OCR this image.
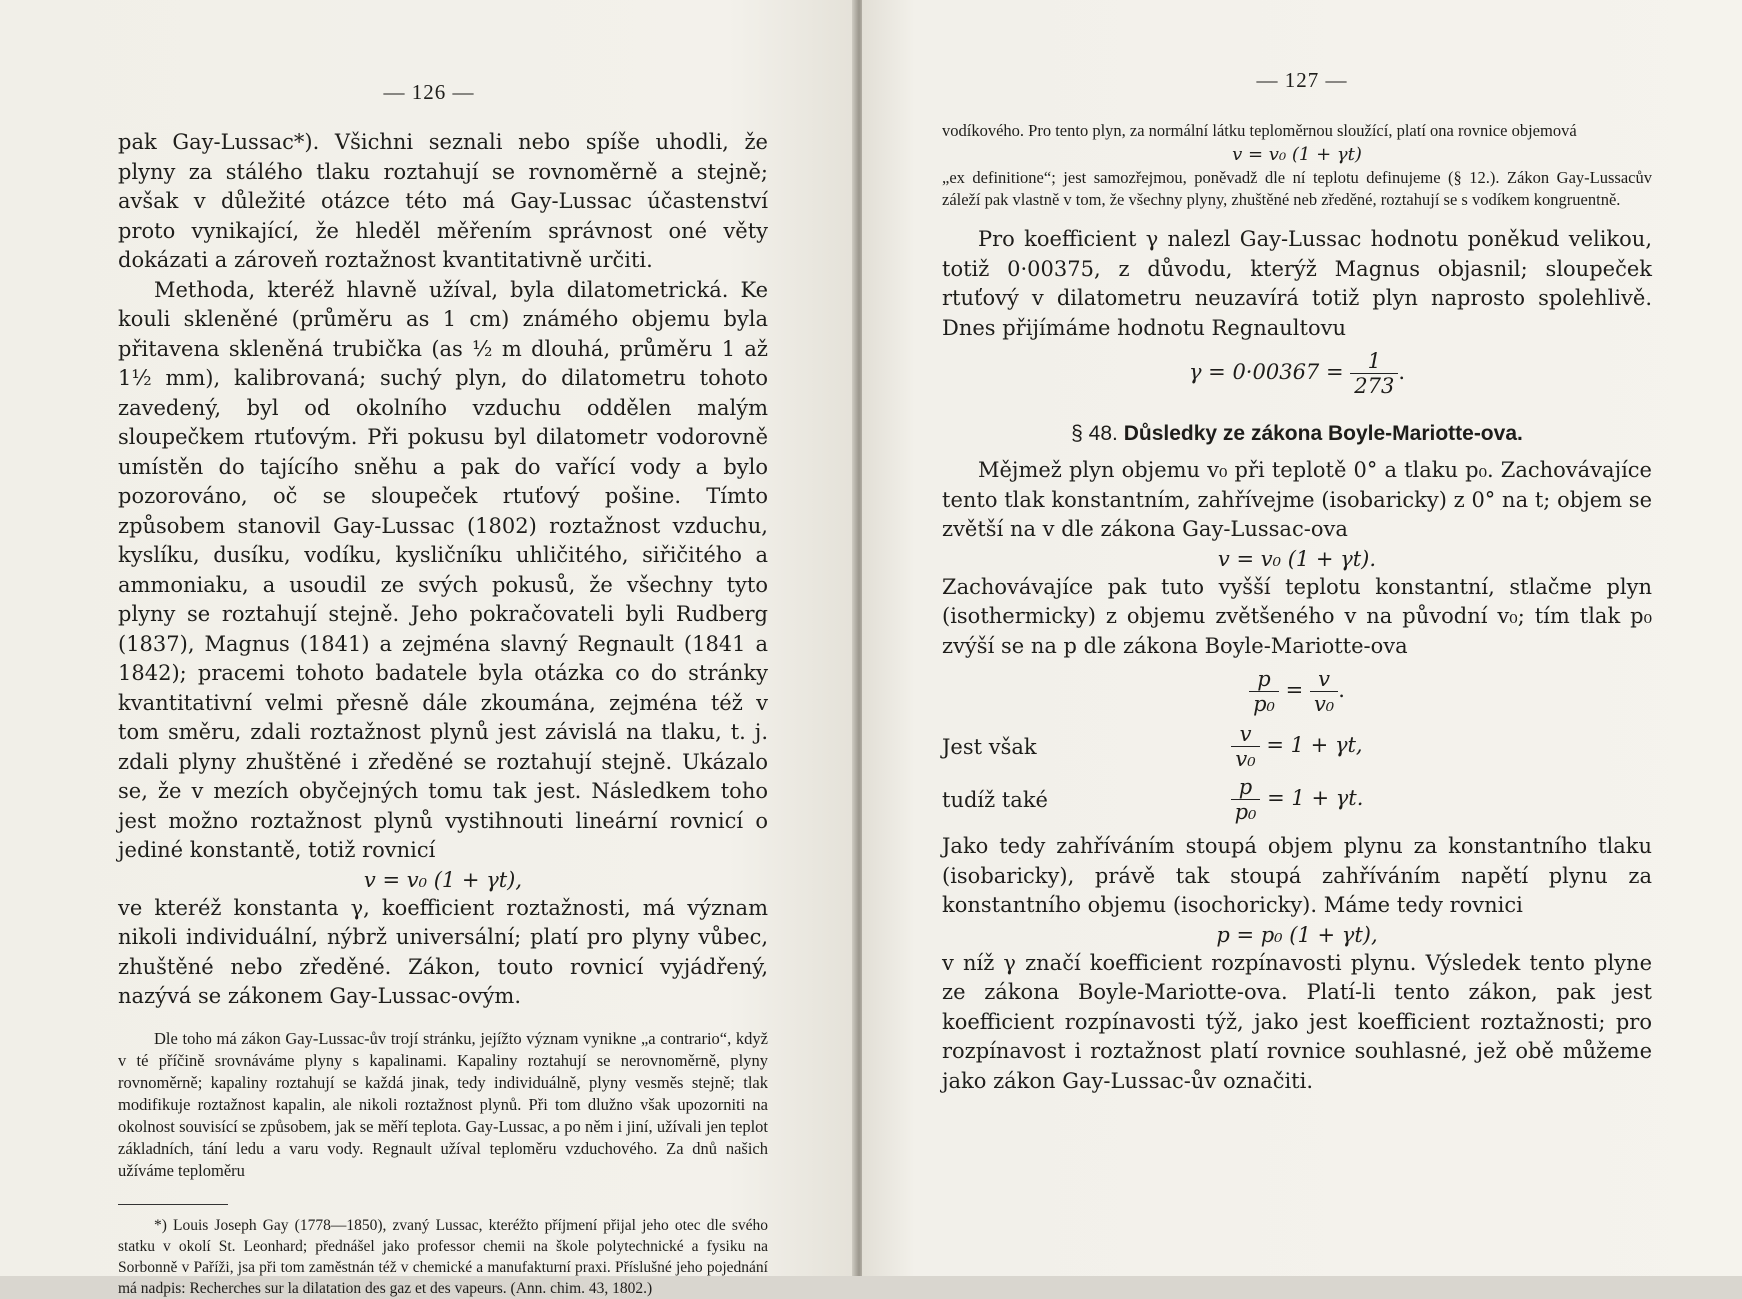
— 126 —

pak Gay-Lussac*). Všichni seznali nebo spíše uhodli, že plyny za stálého tlaku roztahují se rovnoměrně a stejně; avšak v důležité otázce této má Gay-Lussac účastenství proto vynikající, že hleděl měřením správnost oné věty dokázati a zároveň roztažnost kvantitativně určiti.

Methoda, kteréž hlavně užíval, byla dilatometrická. Ke kouli skleněné (průměru as 1 cm) známého objemu byla přitavena skleněná trubička (as ½ m dlouhá, průměru 1 až 1½ mm), kalibrovaná; suchý plyn, do dilatometru tohoto zavedený, byl od okolního vzduchu oddělen malým sloupečkem rtuťovým. Při pokusu byl dilatometr vodorovně umístěn do tajícího sněhu a pak do vařící vody a bylo pozorováno, oč se sloupeček rtuťový pošine. Tímto způsobem stanovil Gay-Lussac (1802) roztažnost vzduchu, kyslíku, dusíku, vodíku, kysličníku uhličitého, siřičitého a ammoniaku, a usoudil ze svých pokusů, že všechny tyto plyny se roztahují stejně. Jeho pokračovateli byli Rudberg (1837), Magnus (1841) a zejména slavný Regnault (1841 a 1842); pracemi tohoto badatele byla otázka co do stránky kvantitativní velmi přesně dále zkoumána, zejména též v tom směru, zdali roztažnost plynů jest závislá na tlaku, t. j. zdali plyny zhuštěné i zředěné se roztahují stejně. Ukázalo se, že v mezích obyčejných tomu tak jest. Následkem toho jest možno roztažnost plynů vystihnouti lineární rovnicí o jediné konstantě, totiž rovnicí

v = v₀ (1 + γt),

ve kteréž konstanta γ, koefficient roztažnosti, má význam nikoli individuální, nýbrž universální; platí pro plyny vůbec, zhuštěné nebo zředěné. Zákon, touto rovnicí vyjádřený, nazývá se zákonem Gay-Lussac-ovým.

Dle toho má zákon Gay-Lussac-ův trojí stránku, jejížto význam vynikne „a contrario“, když v té příčině srovnáváme plyny s kapalinami. Kapaliny roztahují se nerovnoměrně, plyny rovnoměrně; kapaliny roztahují se každá jinak, tedy individuálně, plyny vesměs stejně; tlak modifikuje roztažnost kapalin, ale nikoli roztažnost plynů. Při tom dlužno však upozorniti na okolnost souvisící se způsobem, jak se měří teplota. Gay-Lussac, a po něm i jiní, užívali jen teplot základních, tání ledu a varu vody. Regnault užíval teploměru vzduchového. Za dnů našich užíváme teploměru

*) Louis Joseph Gay (1778—1850), zvaný Lussac, kteréžto příjmení přijal jeho otec dle svého statku v okolí St. Leonhard; přednášel jako professor chemii na škole polytechnické a fysiku na Sorbonně v Paříži, jsa při tom zaměstnán též v chemické a manufakturní praxi. Příslušné jeho pojednání má nadpis: Recherches sur la dilatation des gaz et des vapeurs. (Ann. chim. 43, 1802.)

— 127 —

vodíkového. Pro tento plyn, za normální látku teploměrnou sloužící, platí ona rovnice objemová

v = v₀ (1 + γt)

„ex definitione“; jest samozřejmou, poněvadž dle ní teplotu definujeme (§ 12.). Zákon Gay-Lussacův záleží pak vlastně v tom, že všechny plyny, zhuštěné neb zředěné, roztahují se s vodíkem kongruentně.

Pro koefficient γ nalezl Gay-Lussac hodnotu poněkud velikou, totiž 0·00375, z důvodu, kterýž Magnus objasnil; sloupeček rtuťový v dilatometru neuzavírá totiž plyn naprosto spolehlivě. Dnes přijímáme hodnotu Regnaultovu

$\gamma = 0\cdot 00367 = \frac{1}{273}$ .
§ 48. Důsledky ze zákona Boyle-Mariotte-ova.

Mějmež plyn objemu v₀ při teplotě 0° a tlaku p₀. Zachovávajíce tento tlak konstantním, zahřívejme (isobaricky) z 0° na t; objem se zvětší na v dle zákona Gay-Lussac-ova

v = v₀ (1 + γt).

Zachovávajíce pak tuto vyšší teplotu konstantní, stlačme plyn (isothermicky) z objemu zvětšeného v na původní v₀; tím tlak p₀ zvýší se na p dle zákona Boyle-Mariotte-ova

$\frac{p}{\text{p₀}} = \frac{v}{\text{v₀}}$ .
Jest však	$\frac{v}{\text{v₀}} = 1 + \gamma t$,
tudíž také	$\frac{p}{\text{p₀}} = 1 + \gamma t$.

Jako tedy zahříváním stoupá objem plynu za konstantního tlaku (isobaricky), právě tak stoupá zahříváním napětí plynu za konstantního objemu (isochoricky). Máme tedy rovnici

p = p₀ (1 + γt),

v níž γ značí koefficient rozpínavosti plynu. Výsledek tento plyne ze zákona Boyle-Mariotte-ova. Platí-li tento zákon, pak jest koefficient rozpínavosti týž, jako jest koefficient roztažnosti; pro rozpínavost i roztažnost platí rovnice souhlasné, jež obě můžeme jako zákon Gay-Lussac-ův označiti.
